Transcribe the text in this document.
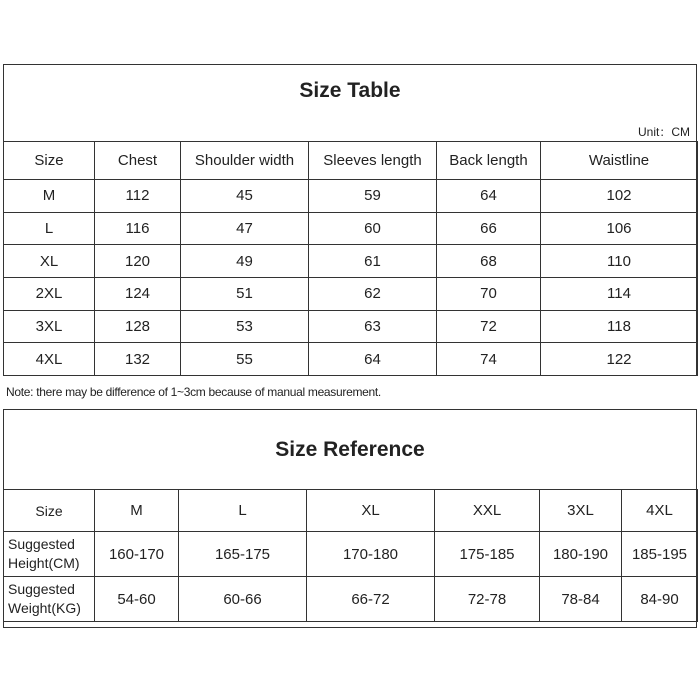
Size Table
Unit：CM
Size	Chest	Shoulder width	Sleeves length	Back length	Waistline
M	112	45	59	64	102
L	116	47	60	66	106
XL	120	49	61	68	110
2XL	124	51	62	70	114
3XL	128	53	63	72	118
4XL	132	55	64	74	122
Note: there may be difference of 1~3cm because of manual measurement.
Size Reference
Size	M	L	XL	XXL	3XL	4XL
Suggested
Height(CM)	160-170	165-175	170-180	175-185	180-190	185-195
Suggested
Weight(KG)	54-60	60-66	66-72	72-78	78-84	84-90
